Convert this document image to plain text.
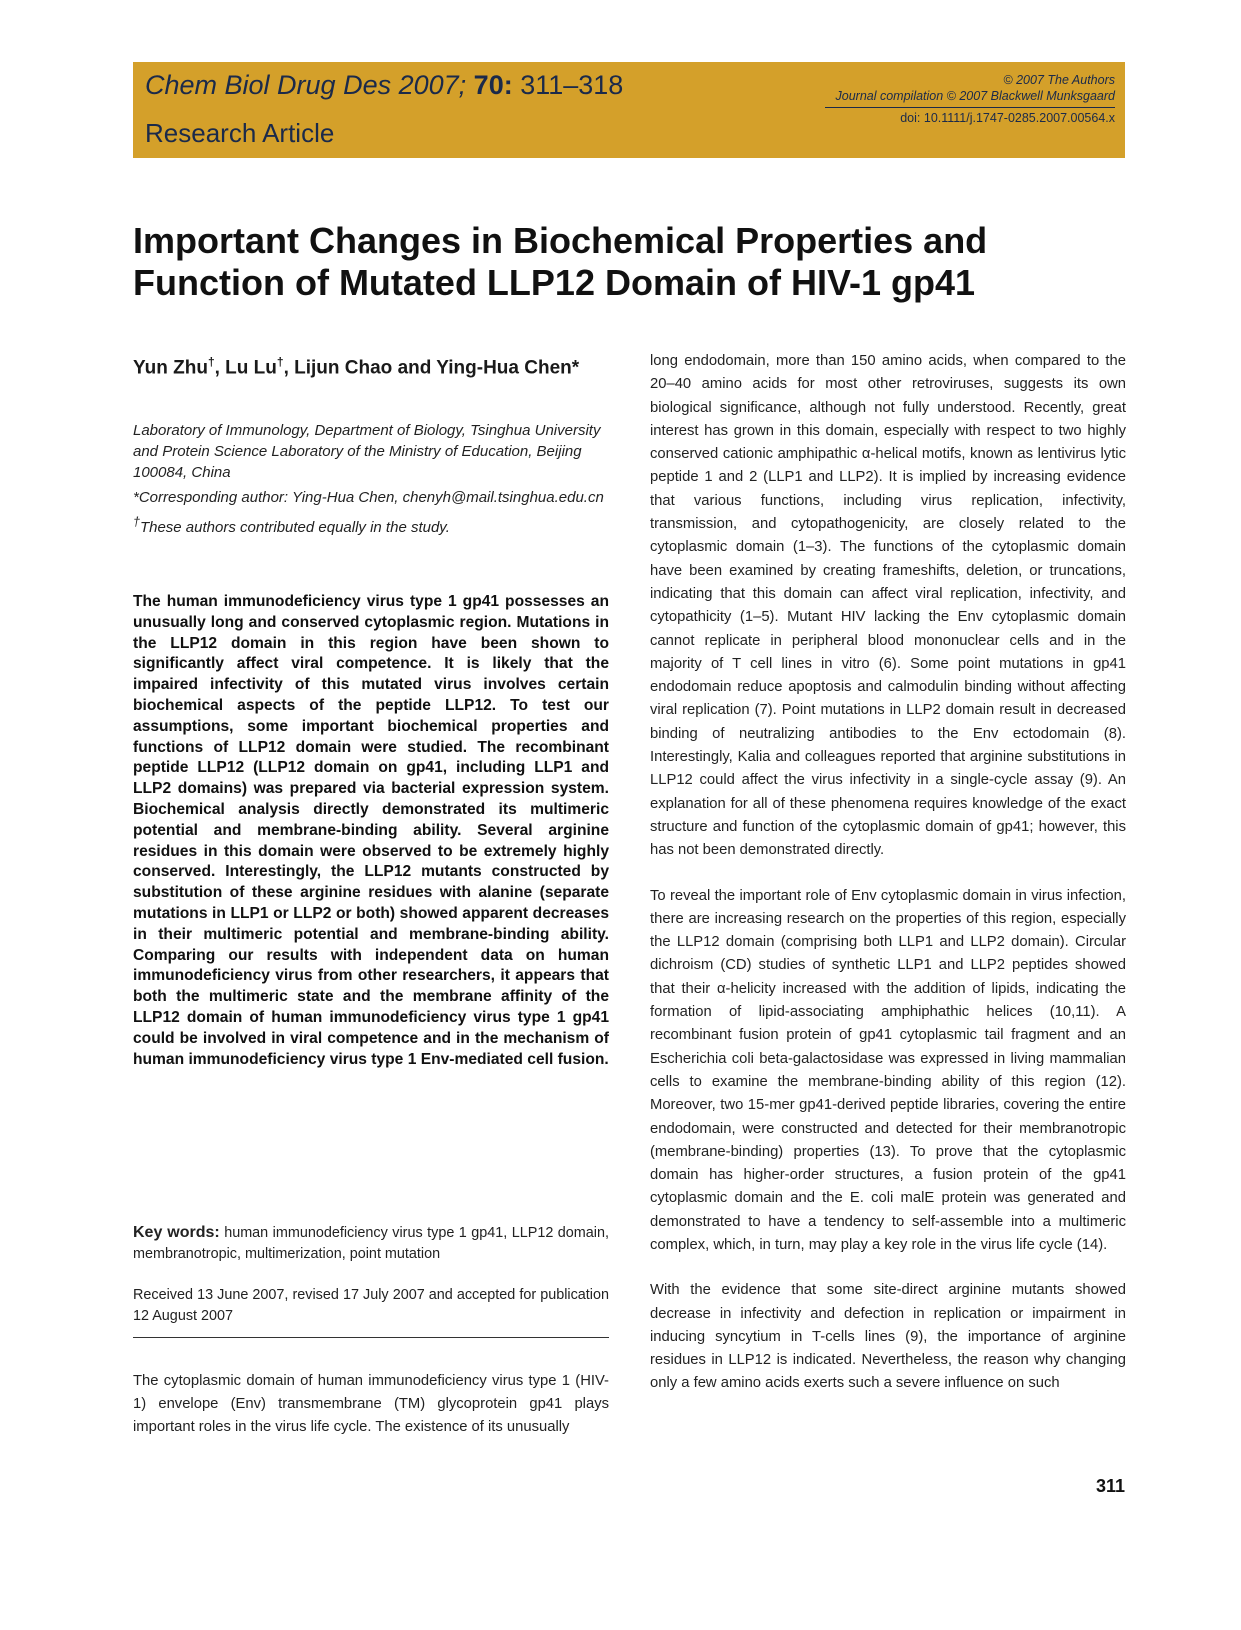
Chem Biol Drug Des 2007; 70: 311–318
Research Article
© 2007 The Authors
Journal compilation © 2007 Blackwell Munksgaard
doi: 10.1111/j.1747-0285.2007.00564.x
Important Changes in Biochemical Properties and Function of Mutated LLP12 Domain of HIV-1 gp41
Yun Zhu†, Lu Lu†, Lijun Chao and Ying-Hua Chen*

Laboratory of Immunology, Department of Biology, Tsinghua University and Protein Science Laboratory of the Ministry of Education, Beijing 100084, China

*Corresponding author: Ying-Hua Chen, chenyh@mail.tsinghua.edu.cn

†These authors contributed equally in the study.

The human immunodeficiency virus type 1 gp41 possesses an unusually long and conserved cytoplasmic region. Mutations in the LLP12 domain in this region have been shown to significantly affect viral competence. It is likely that the impaired infectivity of this mutated virus involves certain biochemical aspects of the peptide LLP12. To test our assumptions, some important biochemical properties and functions of LLP12 domain were studied. The recombinant peptide LLP12 (LLP12 domain on gp41, including LLP1 and LLP2 domains) was prepared via bacterial expression system. Biochemical analysis directly demonstrated its multimeric potential and membrane-binding ability. Several arginine residues in this domain were observed to be extremely highly conserved. Interestingly, the LLP12 mutants constructed by substitution of these arginine residues with alanine (separate mutations in LLP1 or LLP2 or both) showed apparent decreases in their multimeric potential and membrane-binding ability. Comparing our results with independent data on human immunodeficiency virus from other researchers, it appears that both the multimeric state and the membrane affinity of the LLP12 domain of human immunodeficiency virus type 1 gp41 could be involved in viral competence and in the mechanism of human immunodeficiency virus type 1 Env-mediated cell fusion.

Key words: human immunodeficiency virus type 1 gp41, LLP12 domain, membranotropic, multimerization, point mutation
Received 13 June 2007, revised 17 July 2007 and accepted for publication 12 August 2007

The cytoplasmic domain of human immunodeficiency virus type 1 (HIV-1) envelope (Env) transmembrane (TM) glycoprotein gp41 plays important roles in the virus life cycle. The existence of its unusually

long endodomain, more than 150 amino acids, when compared to the 20–40 amino acids for most other retroviruses, suggests its own biological significance, although not fully understood. Recently, great interest has grown in this domain, especially with respect to two highly conserved cationic amphipathic α-helical motifs, known as lentivirus lytic peptide 1 and 2 (LLP1 and LLP2). It is implied by increasing evidence that various functions, including virus replication, infectivity, transmission, and cytopathogenicity, are closely related to the cytoplasmic domain (1–3). The functions of the cytoplasmic domain have been examined by creating frameshifts, deletion, or truncations, indicating that this domain can affect viral replication, infectivity, and cytopathicity (1–5). Mutant HIV lacking the Env cytoplasmic domain cannot replicate in peripheral blood mononuclear cells and in the majority of T cell lines in vitro (6). Some point mutations in gp41 endodomain reduce apoptosis and calmodulin binding without affecting viral replication (7). Point mutations in LLP2 domain result in decreased binding of neutralizing antibodies to the Env ectodomain (8). Interestingly, Kalia and colleagues reported that arginine substitutions in LLP12 could affect the virus infectivity in a single-cycle assay (9). An explanation for all of these phenomena requires knowledge of the exact structure and function of the cytoplasmic domain of gp41; however, this has not been demonstrated directly.

To reveal the important role of Env cytoplasmic domain in virus infection, there are increasing research on the properties of this region, especially the LLP12 domain (comprising both LLP1 and LLP2 domain). Circular dichroism (CD) studies of synthetic LLP1 and LLP2 peptides showed that their α-helicity increased with the addition of lipids, indicating the formation of lipid-associating amphiphathic helices (10,11). A recombinant fusion protein of gp41 cytoplasmic tail fragment and an Escherichia coli beta-galactosidase was expressed in living mammalian cells to examine the membrane-binding ability of this region (12). Moreover, two 15-mer gp41-derived peptide libraries, covering the entire endodomain, were constructed and detected for their membranotropic (membrane-binding) properties (13). To prove that the cytoplasmic domain has higher-order structures, a fusion protein of the gp41 cytoplasmic domain and the E. coli malE protein was generated and demonstrated to have a tendency to self-assemble into a multimeric complex, which, in turn, may play a key role in the virus life cycle (14).

With the evidence that some site-direct arginine mutants showed decrease in infectivity and defection in replication or impairment in inducing syncytium in T-cells lines (9), the importance of arginine residues in LLP12 is indicated. Nevertheless, the reason why changing only a few amino acids exerts such a severe influence on such

311
